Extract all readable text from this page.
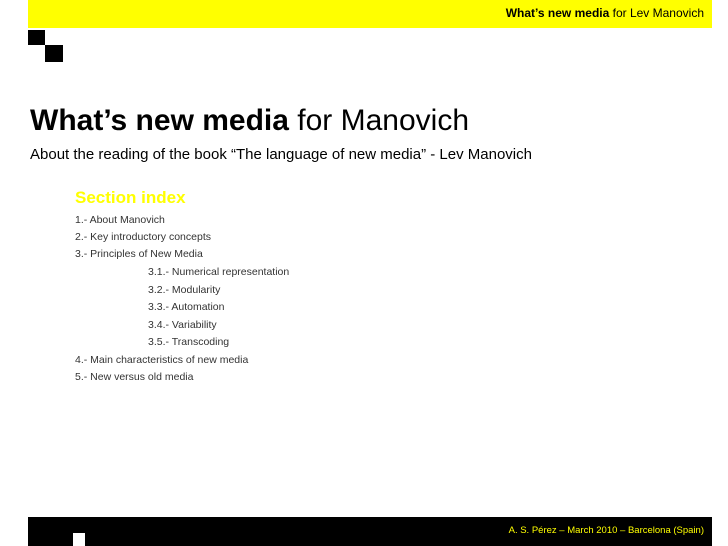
What’s new media for Lev Manovich
What’s new media for Manovich
About the reading of the book “The language of new media” - Lev Manovich
Section index
1.- About Manovich
2.- Key introductory concepts
3.- Principles of New Media
3.1.- Numerical representation
3.2.- Modularity
3.3.- Automation
3.4.- Variability
3.5.- Transcoding
4.- Main characteristics of new media
5.- New versus old media
A. S. Pérez – March 2010 – Barcelona (Spain)
